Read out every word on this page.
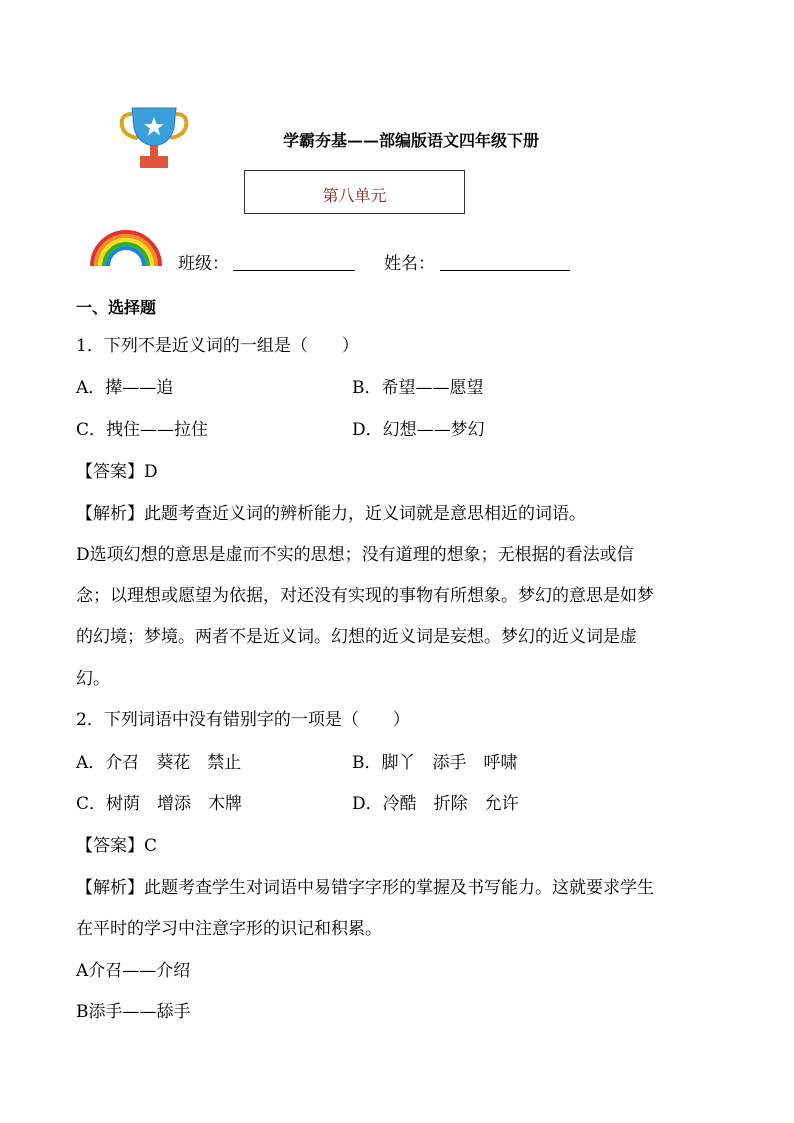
学霸夯基——部编版语文四年级下册
第八单元
班级：	姓名：
一、选择题
1．下列不是近义词的一组是（　　）
A．撵——追	B．希望——愿望
C．拽住——拉住	D．幻想——梦幻
【答案】D
【解析】此题考查近义词的辨析能力，近义词就是意思相近的词语。
D选项幻想的意思是虚而不实的思想；没有道理的想象；无根据的看法或信
念；以理想或愿望为依据，对还没有实现的事物有所想象。梦幻的意思是如梦
的幻境；梦境。两者不是近义词。幻想的近义词是妄想。梦幻的近义词是虚
幻。
2．下列词语中没有错别字的一项是（　　）
A．介召　葵花　禁止	B．脚丫　添手　呼啸
C．树荫　增添　木牌	D．冷酷　折除　允许
【答案】C
【解析】此题考查学生对词语中易错字字形的掌握及书写能力。这就要求学生
在平时的学习中注意字形的识记和积累。
A介召——介绍
B添手——舔手
